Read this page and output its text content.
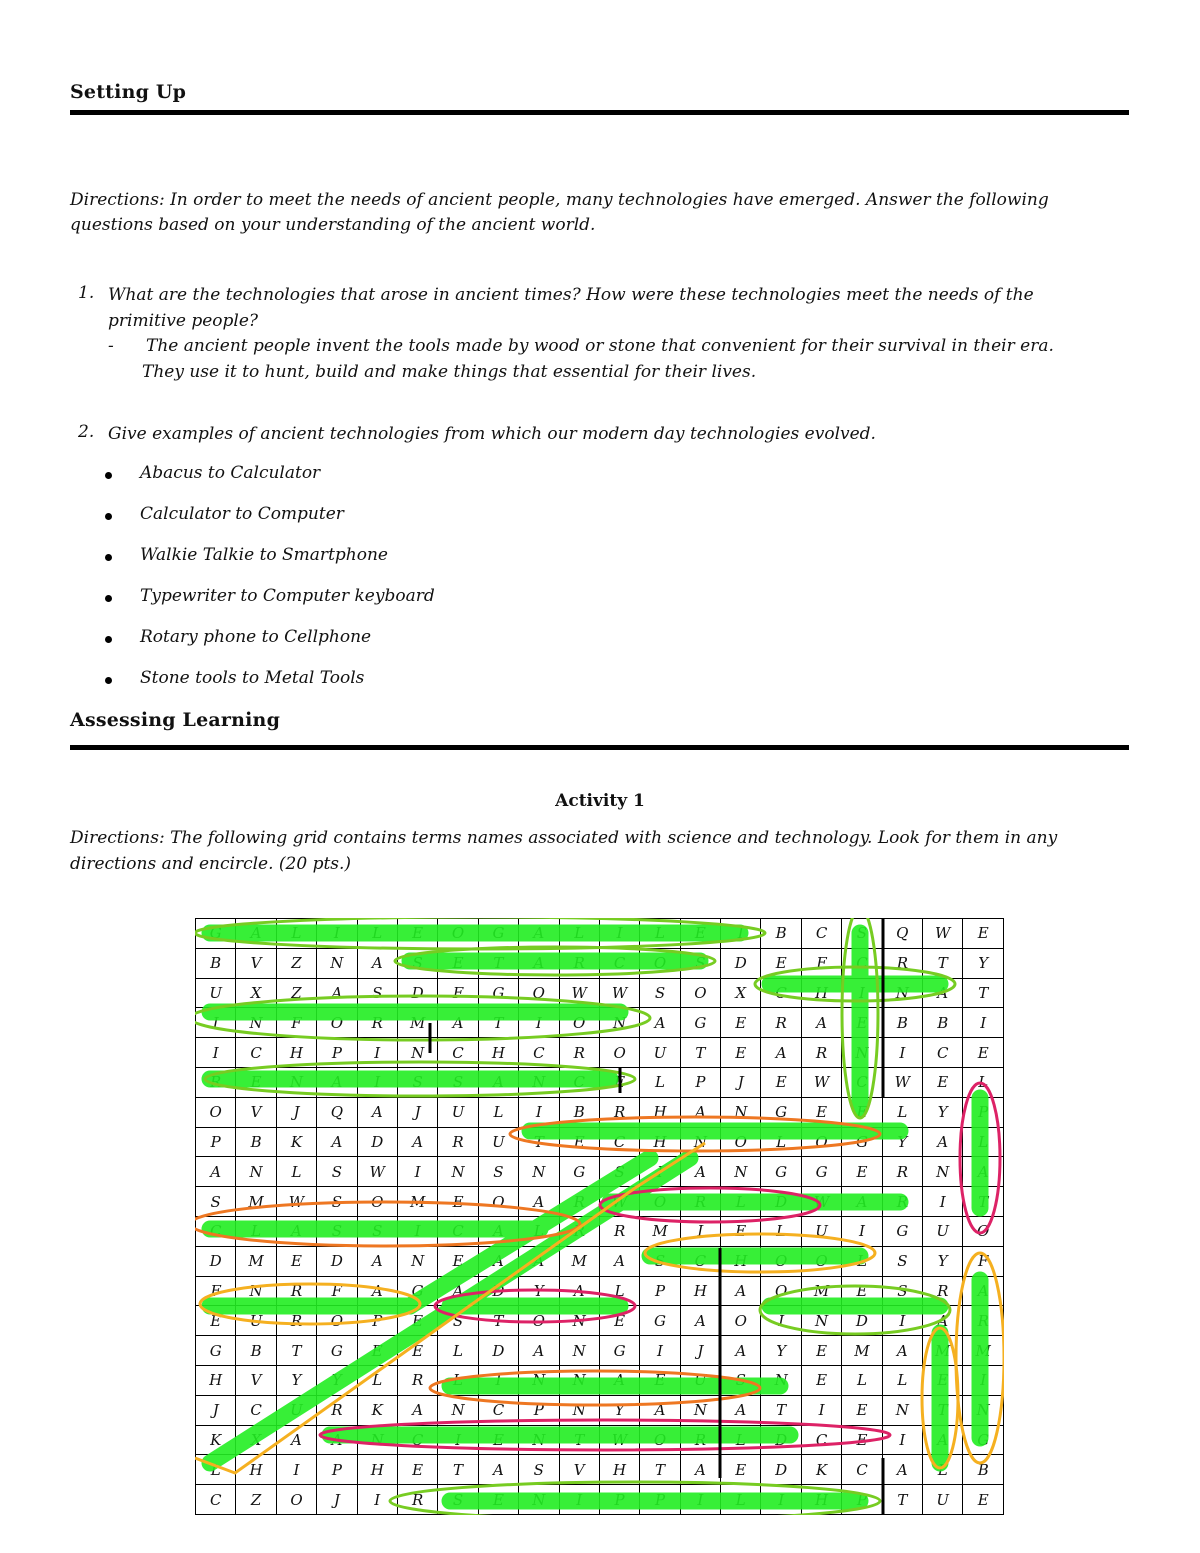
Setting Up
Directions: In order to meet the needs of ancient people, many technologies have emerged. Answer the following questions based on your understanding of the ancient world.
1. What are the technologies that arose in ancient times? How were these technologies meet the needs of the
primitive people?
- The ancient people invent the tools made by wood or stone that convenient for their survival in their era.
They use it to hunt, build and make things that essential for their lives.
2. Give examples of ancient technologies from which our modern day technologies evolved.
Abacus to Calculator
Calculator to Computer
Walkie Talkie to Smartphone
Typewriter to Computer keyboard
Rotary phone to Cellphone
Stone tools to Metal Tools
Assessing Learning
Activity 1
Directions: The following grid contains terms names associated with science and technology. Look for them in any
directions and encircle. (20 pts.)
G	A	L	I	L	E	O	G	A	L	I	L	E	I	B	C	S	Q	W	E
B	V	Z	N	A	S	E	T	A	R	C	O	S	D	E	F	C	R	T	Y
U	X	Z	A	S	D	F	G	O	W	W	S	O	X	C	H	I	N	A	T
I	N	F	O	R	M	A	T	I	O	N	A	G	E	R	A	E	B	B	I
I	C	H	P	I	N	C	H	C	R	O	U	T	E	A	R	N	I	C	E
R	E	N	A	I	S	S	A	N	C	E	L	P	J	E	W	C	W	E	L
O	V	J	Q	A	J	U	L	I	B	R	H	A	N	G	E	E	L	Y	P
P	B	K	A	D	A	R	U	T	E	C	H	N	O	L	O	G	Y	A	L
A	N	L	S	W	I	N	S	N	G	S	I	A	N	G	G	E	R	N	A
S	M	W	S	O	M	E	O	A	R	W	O	R	L	D	W	A	R	I	T
C	L	A	S	S	I	C	A	L	R	R	M	I	E	L	U	I	G	U	O
D	M	E	D	A	N	E	A	A	M	A	S	C	H	O	O	L	S	Y	F
F	N	R	F	A	G	A	D	Y	A	L	P	H	A	O	M	E	S	R	A
E	U	R	O	P	E	S	T	O	N	E	G	A	O	I	N	D	I	A	R
G	B	T	G	E	E	L	D	A	N	G	I	J	A	Y	E	M	A	M	M
H	V	Y	Y	L	R	L	I	N	N	A	E	U	S	N	E	L	L	E	I
J	C	U	R	K	A	N	C	P	N	Y	A	N	A	T	I	E	N	T	N
K	X	A	A	N	C	I	E	N	T	W	O	R	L	D	C	E	I	A	G
L	H	I	P	H	E	T	A	S	V	H	T	A	E	D	K	C	A	L	B
C	Z	O	J	I	R	S	E	N	I	P	P	I	L	I	H	P	T	U	E
